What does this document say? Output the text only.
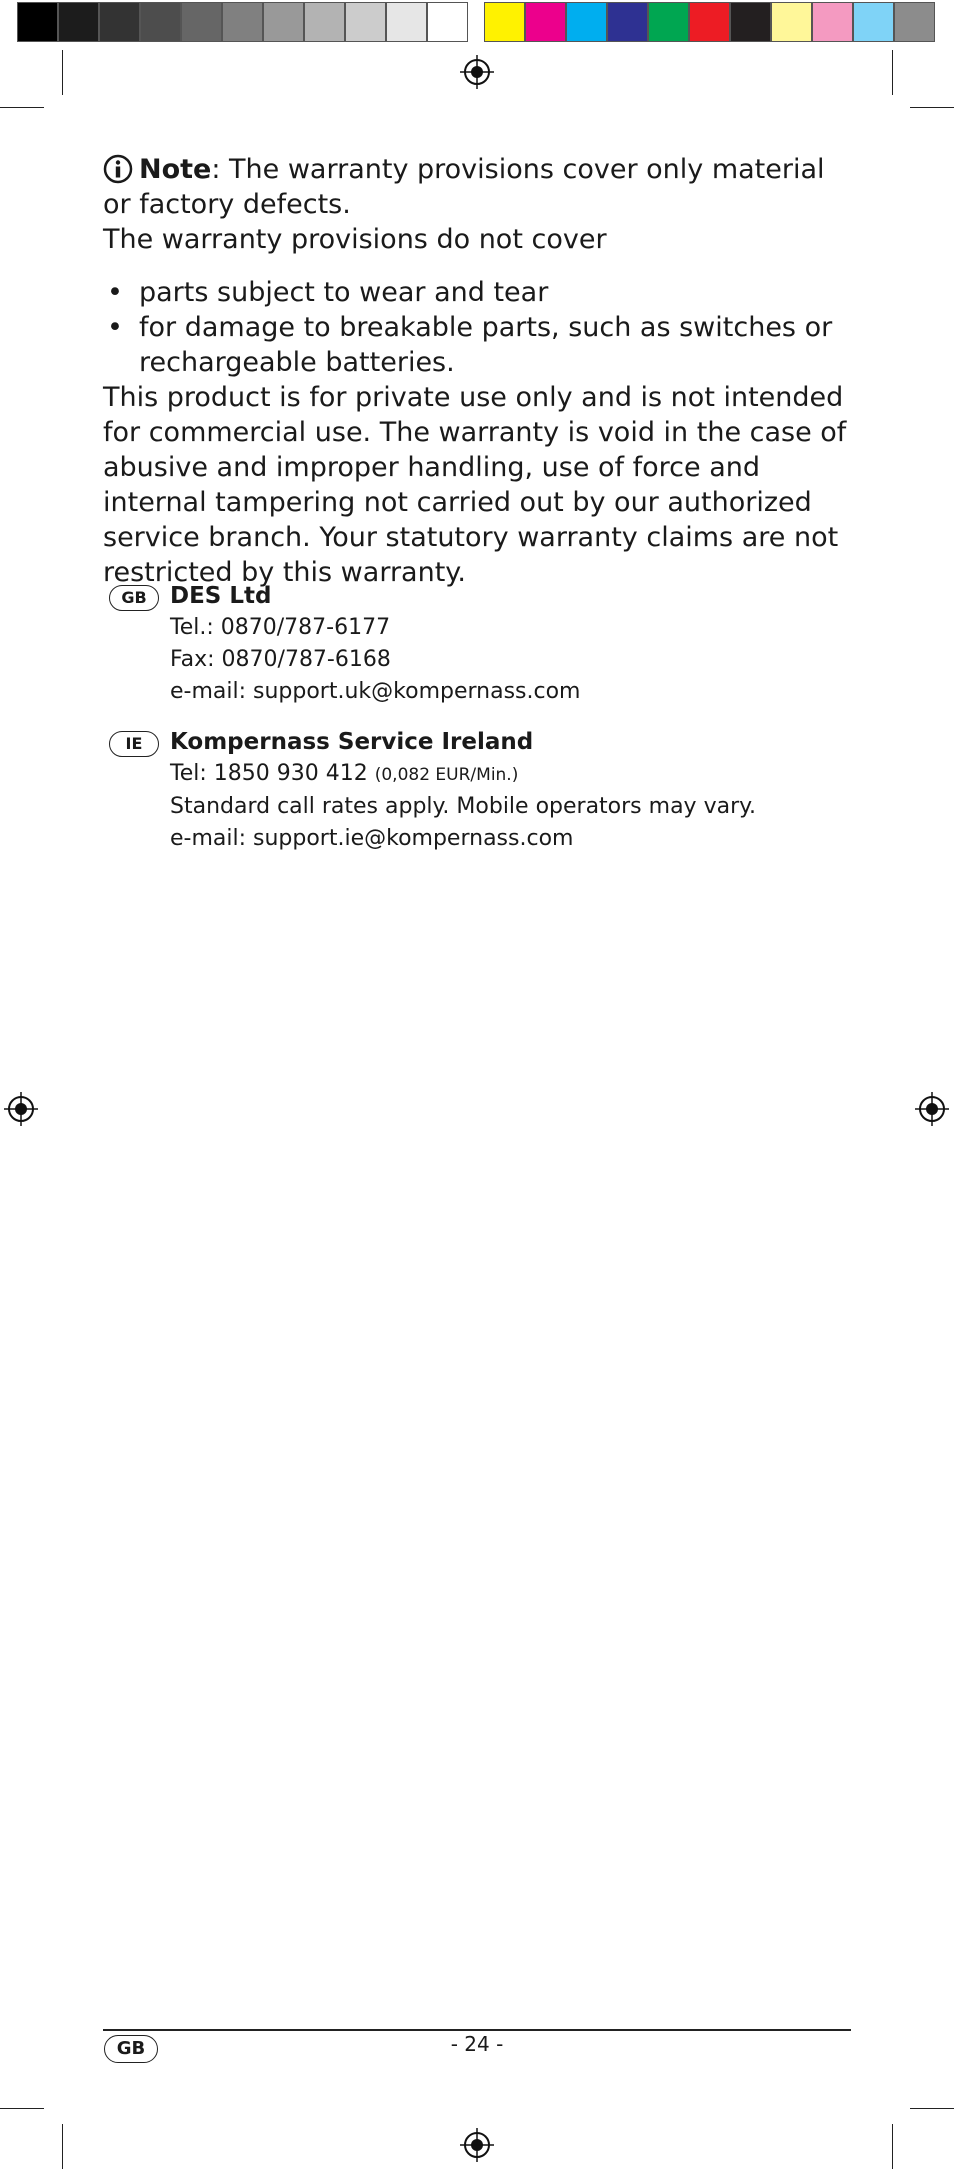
Note: The warranty provisions cover only material or factory defects.
The warranty provisions do not cover
• parts subject to wear and tear
• for damage to breakable parts, such as switches or rechargeable batteries.
This product is for private use only and is not intended for commercial use. The warranty is void in the case of abusive and improper handling, use of force and internal tampering not carried out by our authorized service branch. Your statutory warranty claims are not restricted by this warranty.
GB	DES Ltd
Tel.: 0870/787-6177
Fax: 0870/787-6168
e-mail: support.uk@kompernass.com
IE	Kompernass Service Ireland
Tel: 1850 930 412 (0,082 EUR/Min.)
Standard call rates apply. Mobile operators may vary.
e-mail: support.ie@kompernass.com
GB	- 24 -
